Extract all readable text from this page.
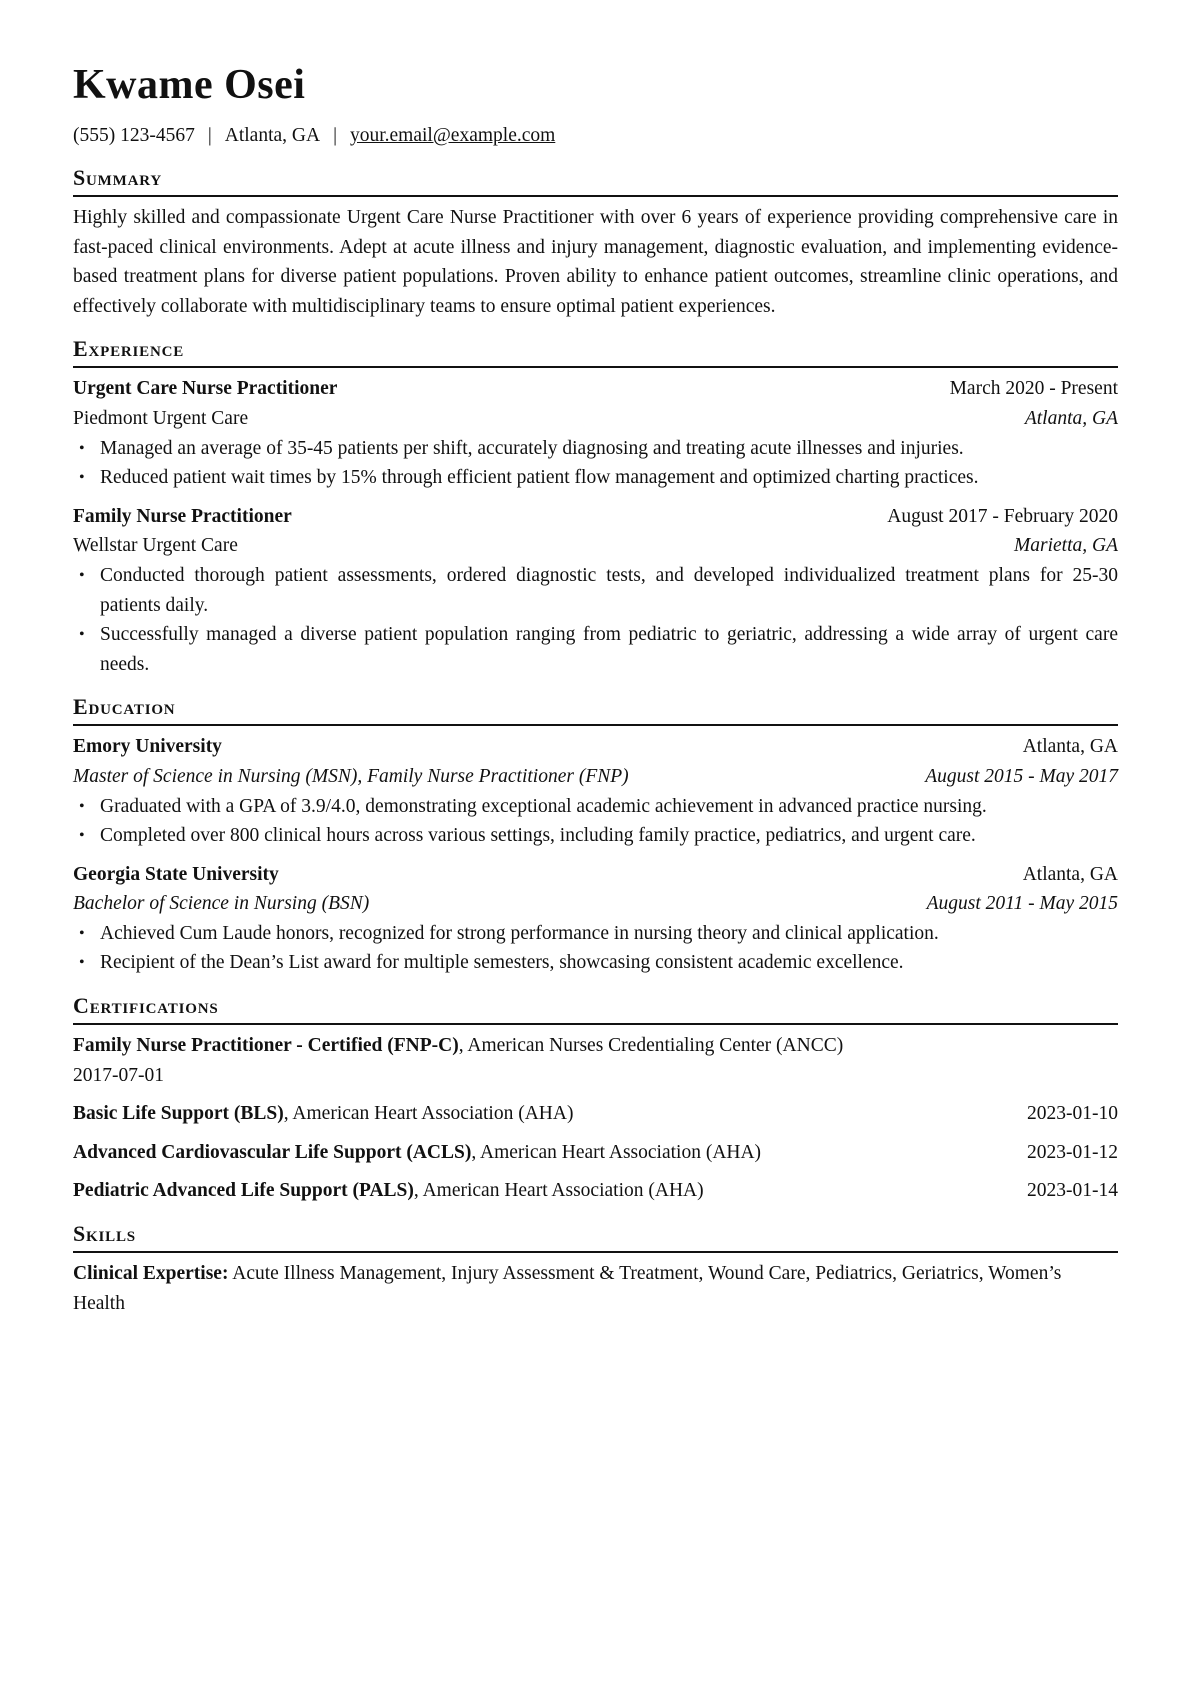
Kwame Osei
(555) 123-4567 | Atlanta, GA | your.email@example.com
Summary
Highly skilled and compassionate Urgent Care Nurse Practitioner with over 6 years of experience providing comprehensive care in fast-paced clinical environments. Adept at acute illness and injury management, diagnostic evaluation, and implementing evidence-based treatment plans for diverse patient populations. Proven ability to enhance patient outcomes, streamline clinic operations, and effectively collaborate with multidisciplinary teams to ensure optimal patient experiences.
Experience
Urgent Care Nurse Practitioner	March 2020 - Present
Piedmont Urgent Care	Atlanta, GA
• Managed an average of 35-45 patients per shift, accurately diagnosing and treating acute illnesses and injuries.
• Reduced patient wait times by 15% through efficient patient flow management and optimized charting practices.
Family Nurse Practitioner	August 2017 - February 2020
Wellstar Urgent Care	Marietta, GA
• Conducted thorough patient assessments, ordered diagnostic tests, and developed individualized treatment plans for 25-30 patients daily.
• Successfully managed a diverse patient population ranging from pediatric to geriatric, addressing a wide array of urgent care needs.
Education
Emory University	Atlanta, GA
Master of Science in Nursing (MSN), Family Nurse Practitioner (FNP)	August 2015 - May 2017
• Graduated with a GPA of 3.9/4.0, demonstrating exceptional academic achievement in advanced practice nursing.
• Completed over 800 clinical hours across various settings, including family practice, pediatrics, and urgent care.
Georgia State University	Atlanta, GA
Bachelor of Science in Nursing (BSN)	August 2011 - May 2015
• Achieved Cum Laude honors, recognized for strong performance in nursing theory and clinical application.
• Recipient of the Dean’s List award for multiple semesters, showcasing consistent academic excellence.
Certifications
Family Nurse Practitioner - Certified (FNP-C), American Nurses Credentialing Center (ANCC)
2017-07-01
Basic Life Support (BLS), American Heart Association (AHA)	2023-01-10
Advanced Cardiovascular Life Support (ACLS), American Heart Association (AHA)	2023-01-12
Pediatric Advanced Life Support (PALS), American Heart Association (AHA)	2023-01-14
Skills
Clinical Expertise: Acute Illness Management, Injury Assessment & Treatment, Wound Care, Pediatrics, Geriatrics, Women’s Health
